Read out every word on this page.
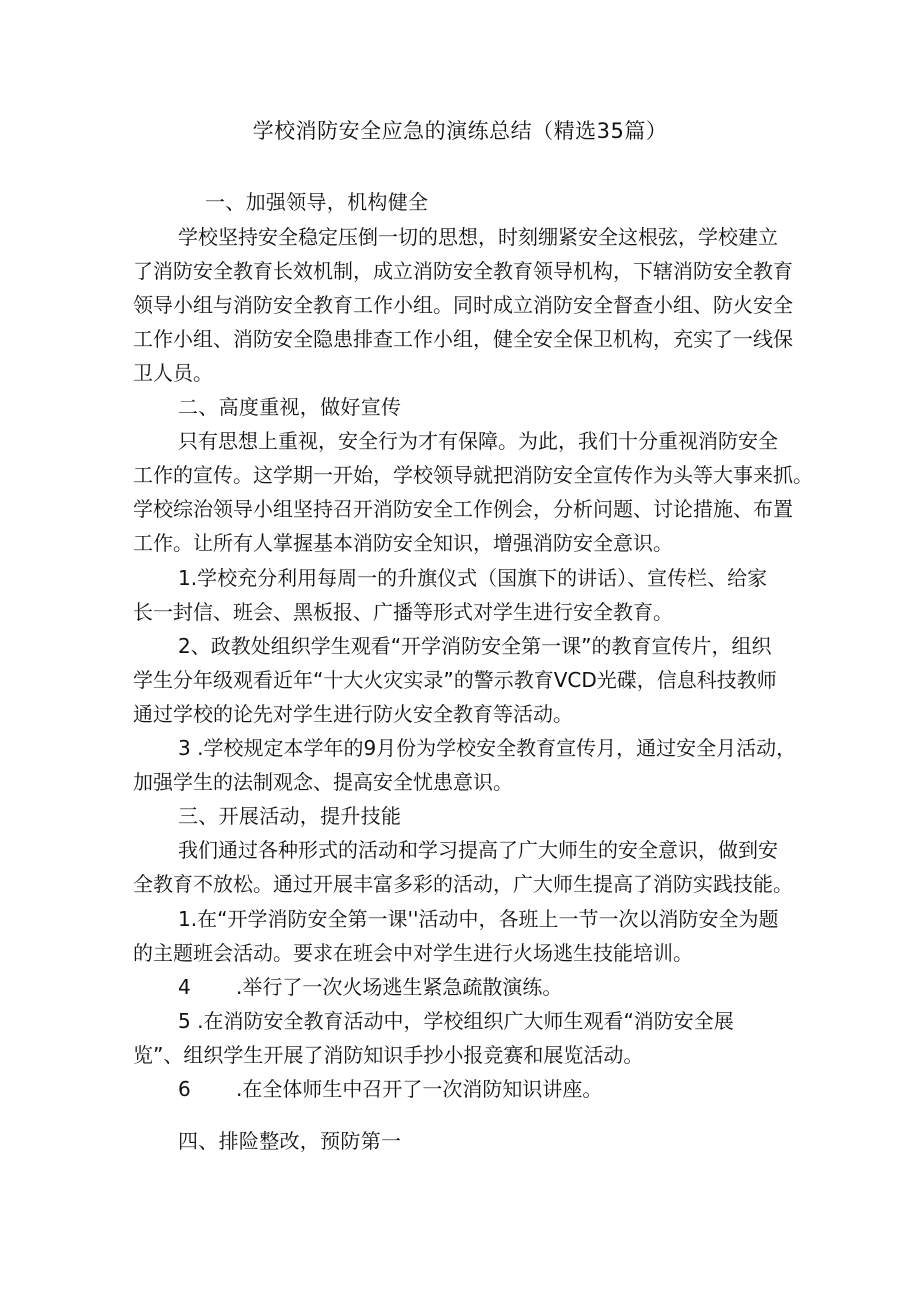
学校消防安全应急的演练总结（精选35篇）
一、加强领导，机构健全
学校坚持安全稳定压倒一切的思想，时刻绷紧安全这根弦，学校建立
了消防安全教育长效机制，成立消防安全教育领导机构，下辖消防安全教育
领导小组与消防安全教育工作小组。同时成立消防安全督查小组、防火安全
工作小组、消防安全隐患排查工作小组，健全安全保卫机构，充实了一线保
卫人员。
二、高度重视，做好宣传
只有思想上重视，安全行为才有保障。为此，我们十分重视消防安全
工作的宣传。这学期一开始，学校领导就把消防安全宣传作为头等大事来抓。
学校综治领导小组坚持召开消防安全工作例会，分析问题、讨论措施、布置
工作。让所有人掌握基本消防安全知识，增强消防安全意识。
1.学校充分利用每周一的升旗仪式（国旗下的讲话）、宣传栏、给家
长一封信、班会、黑板报、广播等形式对学生进行安全教育。
2、政教处组织学生观看“开学消防安全第一课”的教育宣传片，组织
学生分年级观看近年“十大火灾实录”的警示教育VCD光碟，信息科技教师
通过学校的论先对学生进行防火安全教育等活动。
3 .学校规定本学年的9月份为学校安全教育宣传月，通过安全月活动，
加强学生的法制观念、提高安全忧患意识。
三、开展活动，提升技能
我们通过各种形式的活动和学习提高了广大师生的安全意识，做到安
全教育不放松。通过开展丰富多彩的活动，广大师生提高了消防实践技能。
1.在“开学消防安全第一课''活动中，各班上一节一次以消防安全为题
的主题班会活动。要求在班会中对学生进行火场逃生技能培训。
4 .举行了一次火场逃生紧急疏散演练。
5 .在消防安全教育活动中，学校组织广大师生观看“消防安全展
览”、组织学生开展了消防知识手抄小报竞赛和展览活动。
6 .在全体师生中召开了一次消防知识讲座。
四、排险整改，预防第一
